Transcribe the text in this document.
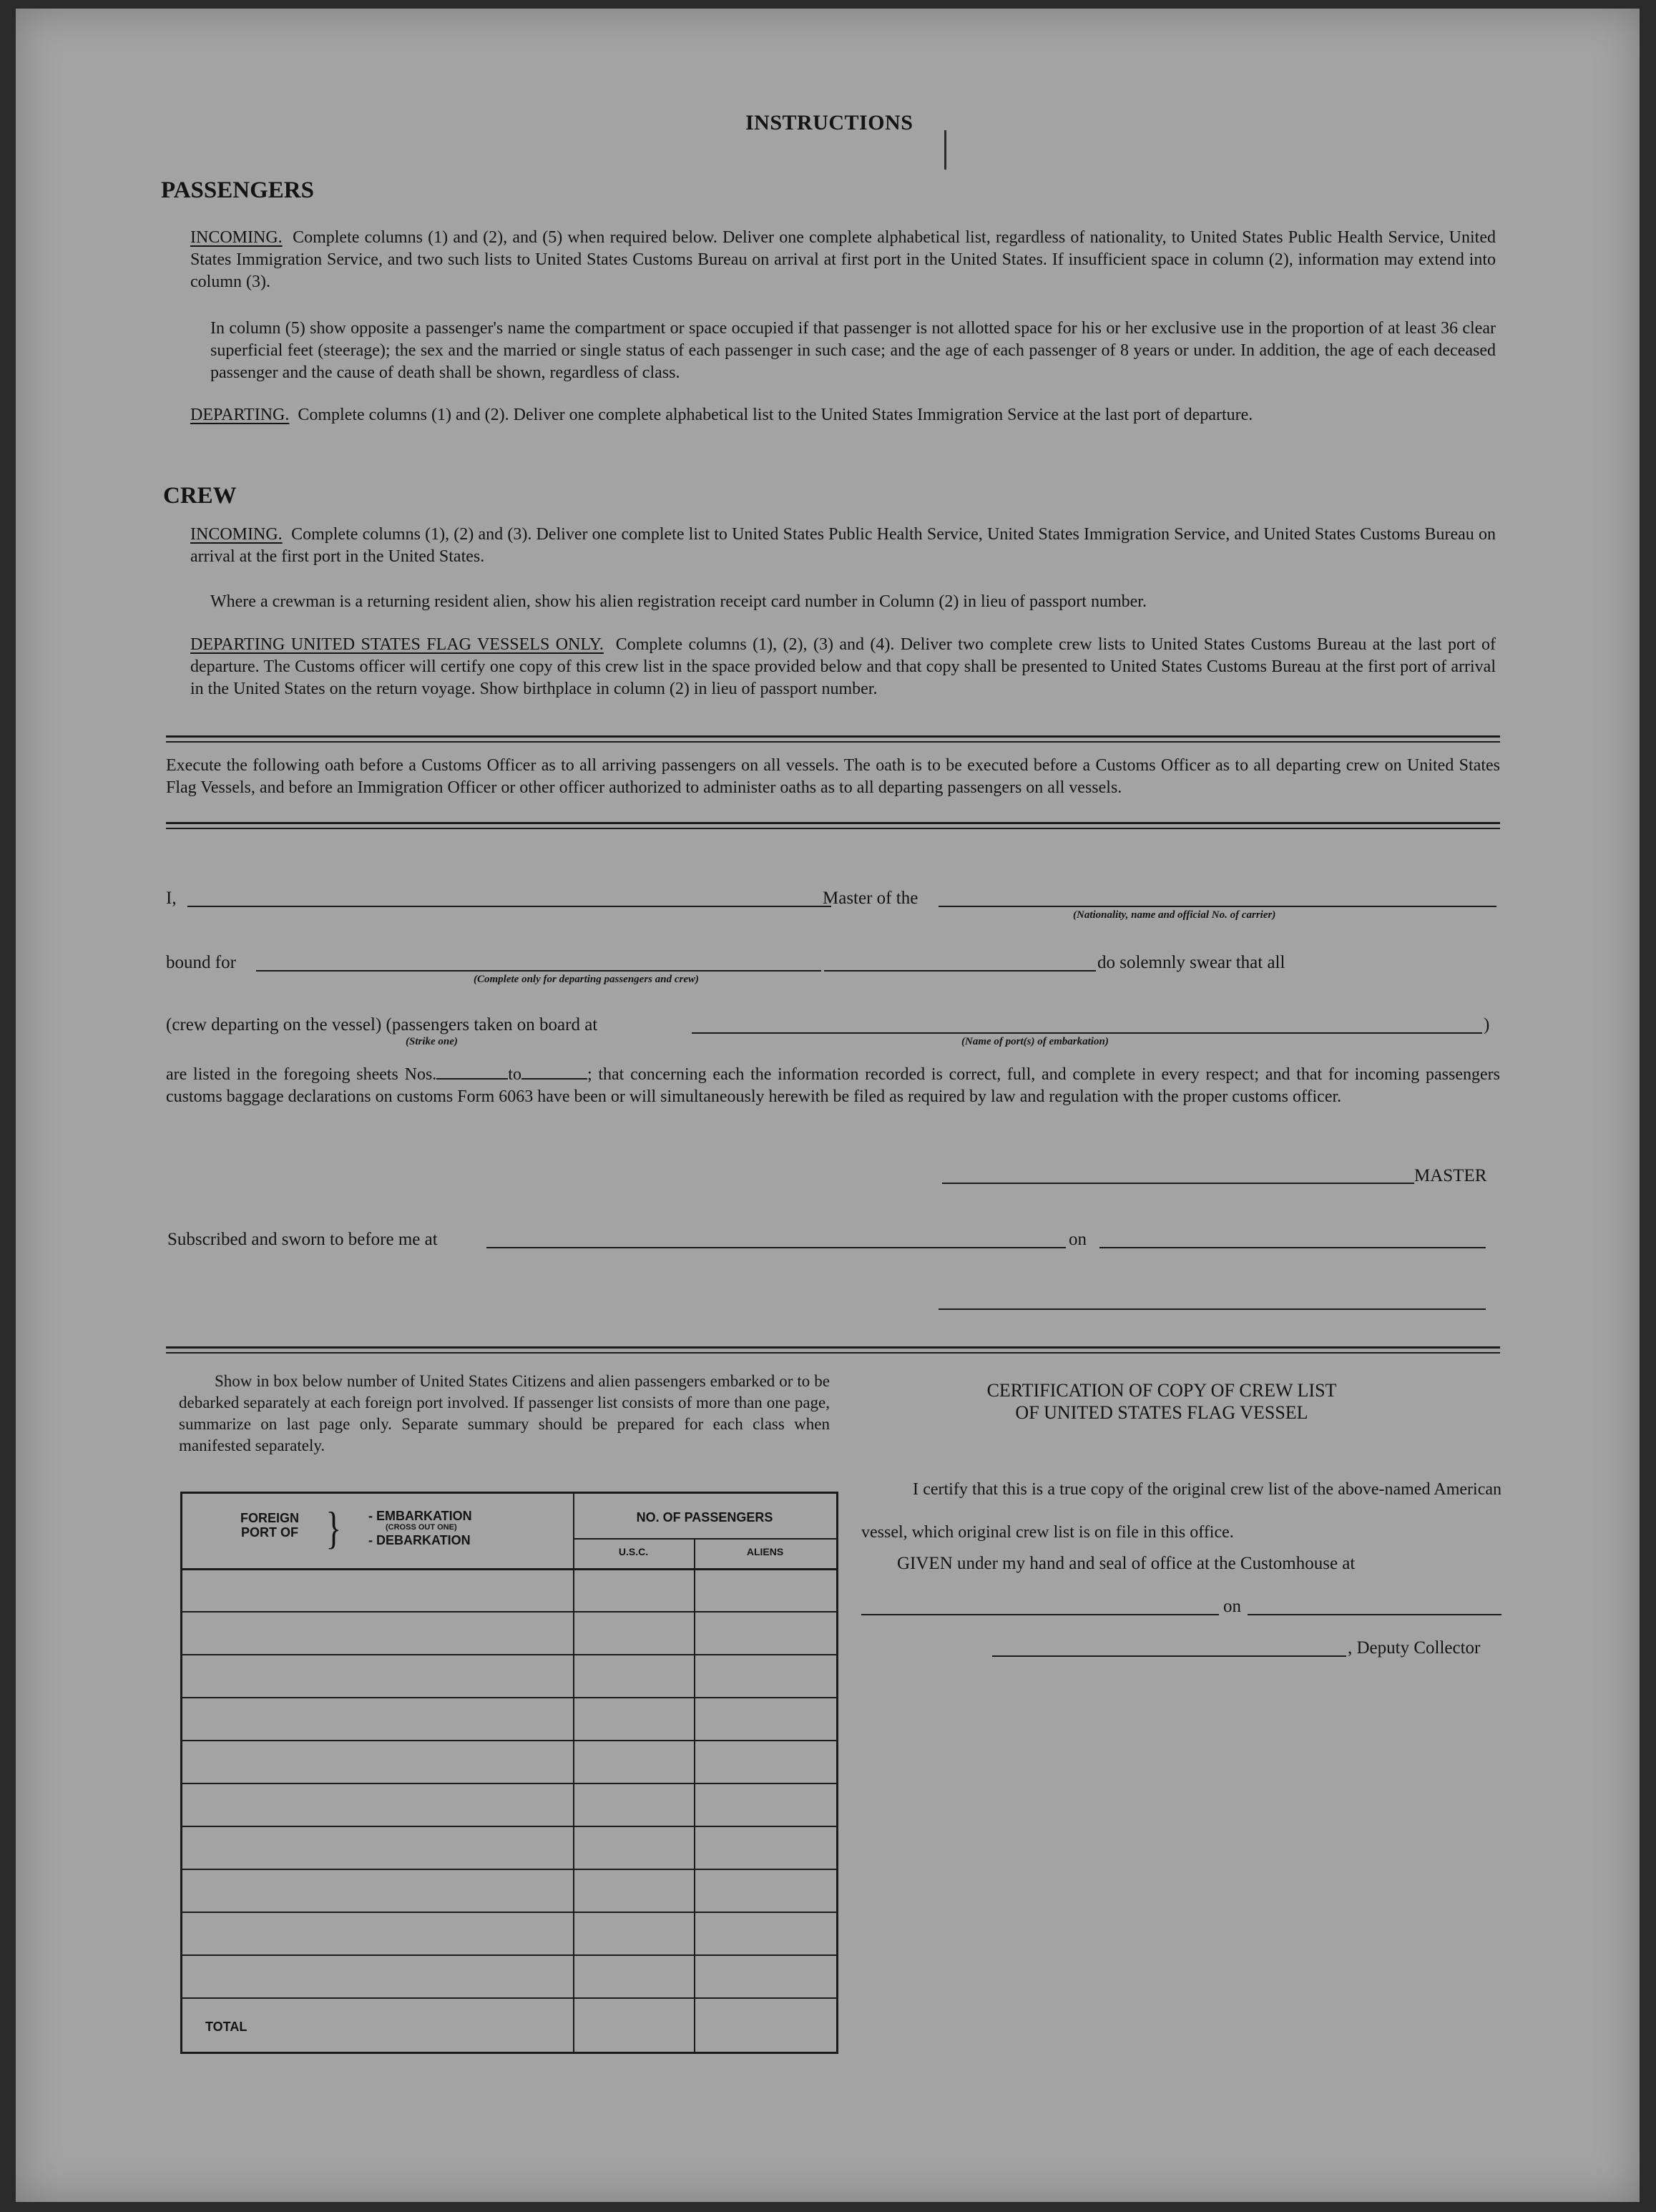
INSTRUCTIONS
PASSENGERS
INCOMING. Complete columns (1) and (2), and (5) when required below. Deliver one complete alphabetical list, regardless of nationality, to United States Public Health Service, United States Immigration Service, and two such lists to United States Customs Bureau on arrival at first port in the United States. If insufficient space in column (2), information may extend into column (3).
In column (5) show opposite a passenger's name the compartment or space occupied if that passenger is not allotted space for his or her exclusive use in the proportion of at least 36 clear superficial feet (steerage); the sex and the married or single status of each passenger in such case; and the age of each passenger of 8 years or under. In addition, the age of each deceased passenger and the cause of death shall be shown, regardless of class.
DEPARTING. Complete columns (1) and (2). Deliver one complete alphabetical list to the United States Immigration Service at the last port of departure.
CREW
INCOMING. Complete columns (1), (2) and (3). Deliver one complete list to United States Public Health Service, United States Immigration Service, and United States Customs Bureau on arrival at the first port in the United States.
Where a crewman is a returning resident alien, show his alien registration receipt card number in Column (2) in lieu of passport number.
DEPARTING UNITED STATES FLAG VESSELS ONLY. Complete columns (1), (2), (3) and (4). Deliver two complete crew lists to United States Customs Bureau at the last port of departure. The Customs officer will certify one copy of this crew list in the space provided below and that copy shall be presented to United States Customs Bureau at the first port of arrival in the United States on the return voyage. Show birthplace in column (2) in lieu of passport number.
Execute the following oath before a Customs Officer as to all arriving passengers on all vessels. The oath is to be executed before a Customs Officer as to all departing crew on United States Flag Vessels, and before an Immigration Officer or other officer authorized to administer oaths as to all departing passengers on all vessels.
I,	Master of the
(Nationality, name and official No. of carrier)
bound for
(Complete only for departing passengers and crew)
do solemnly swear that all
(crew departing on the vessel) (passengers taken on board at
(Strike one)
)
(Name of port(s) of embarkation)
are listed in the foregoing sheets Nos.	to	; that concerning each the information recorded is correct, full, and complete in every respect; and that for incoming passengers customs baggage declarations on customs Form 6063 have been or will simultaneously herewith be filed as required by law and regulation with the proper customs officer.
MASTER
Subscribed and sworn to before me at	on
Show in box below number of United States Citizens and alien passengers embarked or to be debarked separately at each foreign port involved. If passenger list consists of more than one page, summarize on last page only. Separate summary should be prepared for each class when manifested separately.
FOREIGN PORT OF } - EMBARKATION
(CROSS OUT ONE)
- DEBARKATION
NO. OF PASSENGERS
U.S.C.	ALIENS
TOTAL
CERTIFICATION OF COPY OF CREW LIST
OF UNITED STATES FLAG VESSEL
I certify that this is a true copy of the original crew list of the above-named American vessel, which original crew list is on file in this office.
GIVEN under my hand and seal of office at the Customhouse at
on
, Deputy Collector
